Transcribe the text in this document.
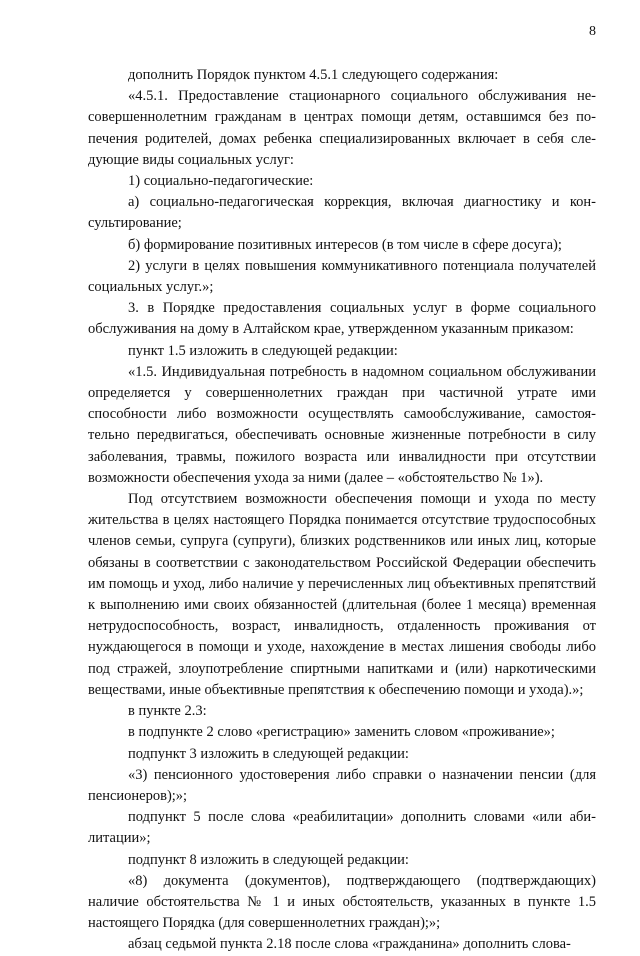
8

дополнить Порядок пунктом 4.5.1 следующего содержания:

«4.5.1. Предоставление стационарного социального обслуживания несовершеннолетним гражданам в центрах помощи детям, оставшимся без попечения родителей, домах ребенка специализированных включает в себя следующие виды социальных услуг:

1) социально-педагогические:

а) социально-педагогическая коррекция, включая диагностику и консультирование;

б) формирование позитивных интересов (в том числе в сфере досуга);

2) услуги в целях повышения коммуникативного потенциала получателей социальных услуг.»;

3. в Порядке предоставления социальных услуг в форме социального обслуживания на дому в Алтайском крае, утвержденном указанным приказом:

пункт 1.5 изложить в следующей редакции:

«1.5. Индивидуальная потребность в надомном социальном обслуживании определяется у совершеннолетних граждан при частичной утрате ими способности либо возможности осуществлять самообслуживание, самостоятельно передвигаться, обеспечивать основные жизненные потребности в силу заболевания, травмы, пожилого возраста или инвалидности при отсутствии возможности обеспечения ухода за ними (далее – «обстоятельство № 1»).

Под отсутствием возможности обеспечения помощи и ухода по месту жительства в целях настоящего Порядка понимается отсутствие трудоспособных членов семьи, супруга (супруги), близких родственников или иных лиц, которые обязаны в соответствии с законодательством Российской Федерации обеспечить им помощь и уход, либо наличие у перечисленных лиц объективных препятствий к выполнению ими своих обязанностей (длительная (более 1 месяца) временная нетрудоспособность, возраст, инвалидность, отдаленность проживания от нуждающегося в помощи и уходе, нахождение в местах лишения свободы либо под стражей, злоупотребление спиртными напитками и (или) наркотическими веществами, иные объективные препятствия к обеспечению помощи и ухода).»;

в пункте 2.3:

в подпункте 2 слово «регистрацию» заменить словом «проживание»;

подпункт 3 изложить в следующей редакции:

«3) пенсионного удостоверения либо справки о назначении пенсии (для пенсионеров);»;

подпункт 5 после слова «реабилитации» дополнить словами «или абилитации»;

подпункт 8 изложить в следующей редакции:

«8) документа (документов), подтверждающего (подтверждающих) наличие обстоятельства № 1 и иных обстоятельств, указанных в пункте 1.5 настоящего Порядка (для совершеннолетних граждан);»;

абзац седьмой пункта 2.18 после слова «гражданина» дополнить слова-
